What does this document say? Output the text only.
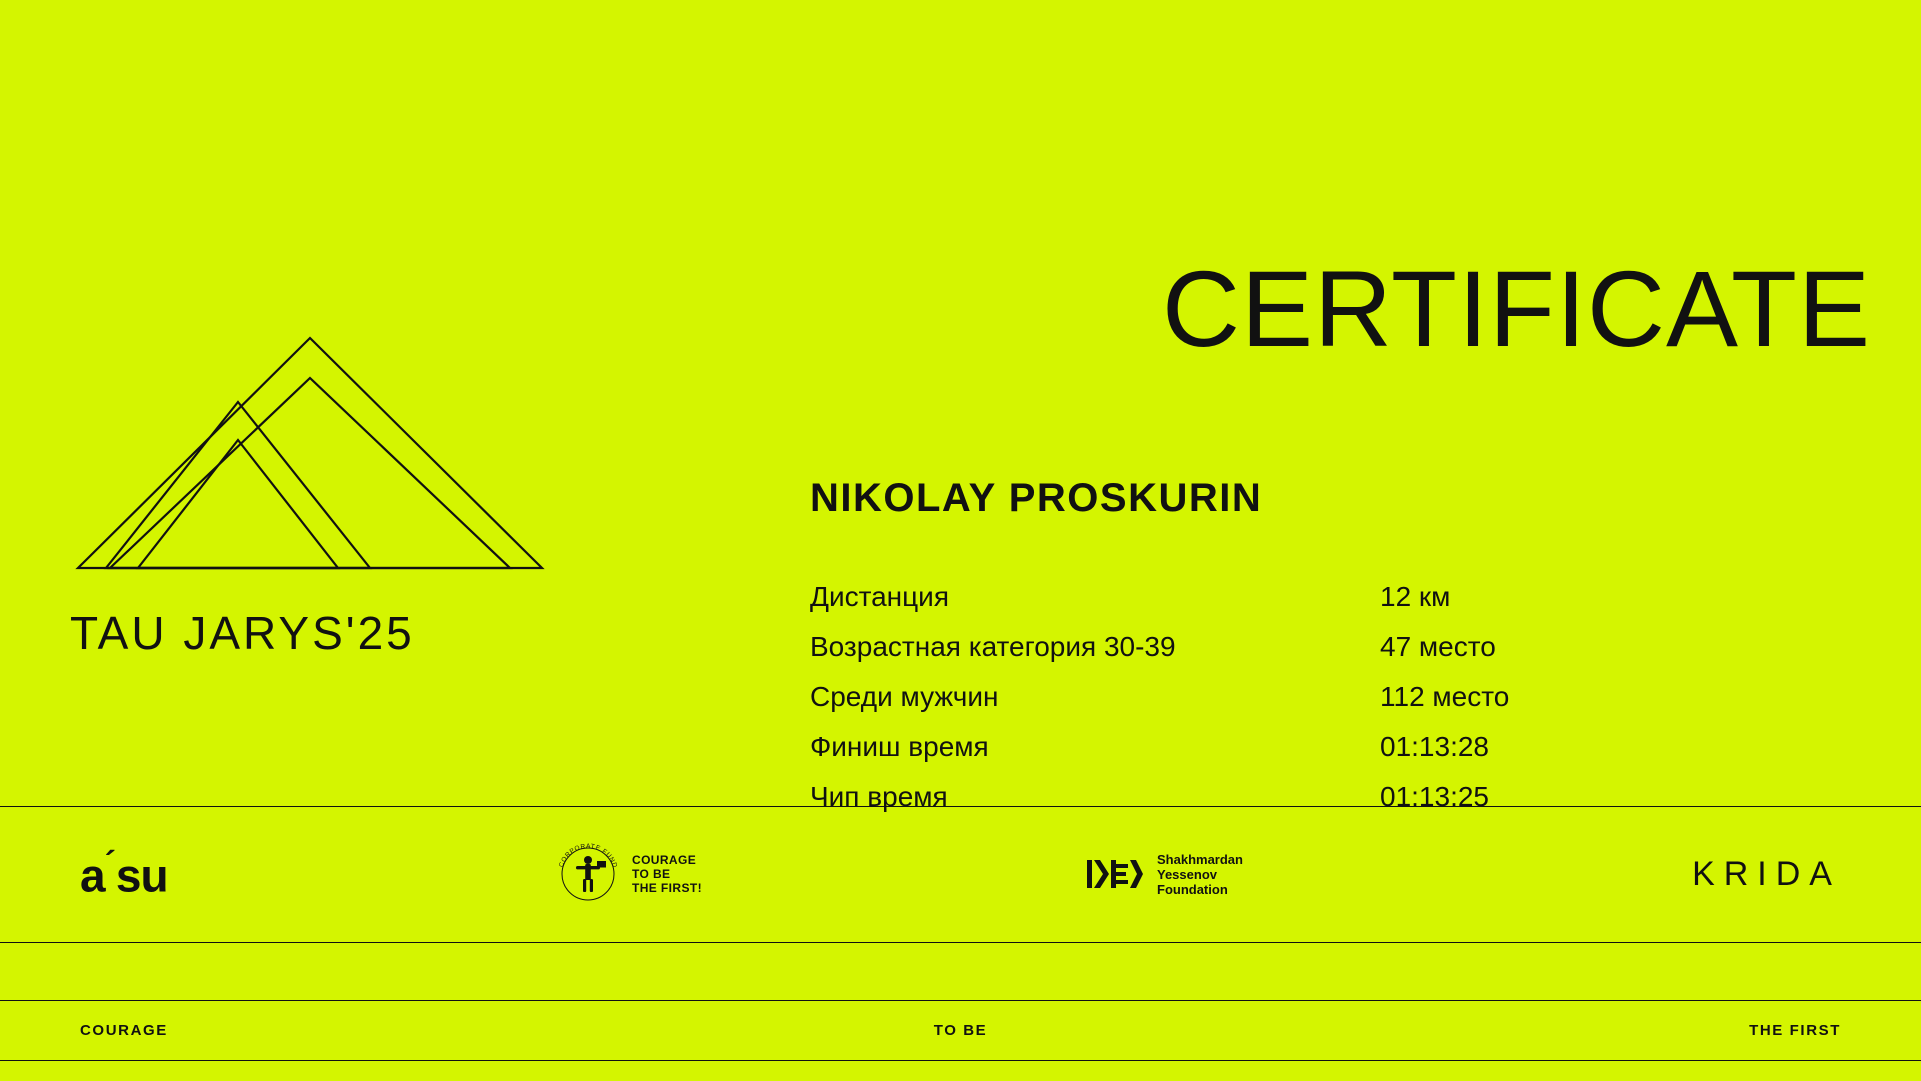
TAU JARYS'25
CERTIFICATE
NIKOLAY PROSKURIN
Дистанция	12 км
Возрастная категория 30-39	47 место
Среди мужчин	112 место
Финиш время	01:13:28
Чип время	01:13:25
a´su	CORPORATE FUND COURAGE
TO BE
THE FIRST!
Shakhmardan
Yessenov
Foundation	KRIDA
COURAGE	TO BE	THE FIRST
